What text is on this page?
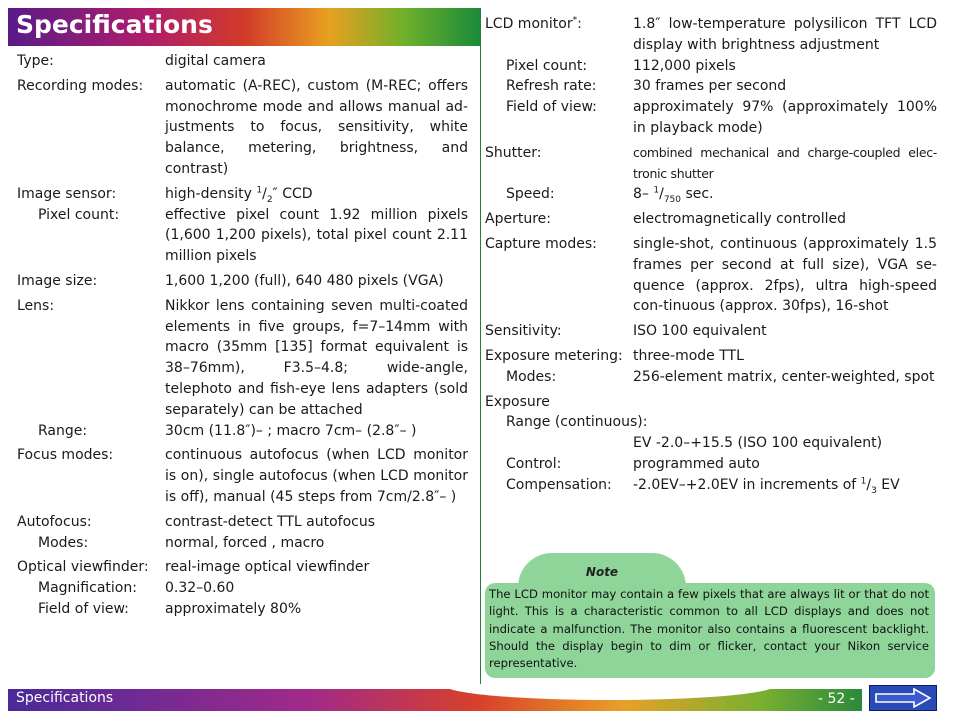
Specifications
Type:	digital camera
Recording modes:	automatic (A-REC), custom (M-REC; offers monochrome mode and allows manual ad-justments to focus, sensitivity, white balance, metering, brightness, and contrast)
Image sensor:	high-density $^1/_2''$ CCD
Pixel count:	effective pixel count 1.92 million pixels (1,600 1,200 pixels), total pixel count 2.11 million pixels
Image size:	1,600 1,200 (full), 640 480 pixels (VGA)
Lens:	Nikkor lens containing seven multi-coated elements in five groups, f=7–14mm with macro (35mm [135] format equivalent is 38–76mm), F3.5–4.8; wide-angle, telephoto and fish-eye lens adapters (sold separately) can be attached
Range:	30cm (11.8″)– ; macro 7cm– (2.8″– )
Focus modes:	continuous autofocus (when LCD monitor is on), single autofocus (when LCD monitor is off), manual (45 steps from 7cm/2.8″– )
Autofocus:	contrast-detect TTL autofocus
Modes:	normal, forced , macro
Optical viewfinder:	real-image optical viewfinder
Magnification:	0.32–0.60
Field of view:	approximately 80%
LCD monitor*:	1.8″ low-temperature polysilicon TFT LCD display with brightness adjustment
Pixel count:	112,000 pixels
Refresh rate:	30 frames per second
Field of view:	approximately 97% (approximately 100% in playback mode)
Shutter:	combined mechanical and charge-coupled elec-tronic shutter
Speed:	8– $^1/_{750}$ sec.
Aperture:	electromagnetically controlled
Capture modes:	single-shot, continuous (approximately 1.5 frames per second at full size), VGA se-quence (approx. 2fps), ultra high-speed con-tinuous (approx. 30fps), 16-shot
Sensitivity:	ISO 100 equivalent
Exposure metering: three-mode TTL
Modes:	256-element matrix, center-weighted, spot
Exposure
Range (continuous):
EV -2.0–+15.5 (ISO 100 equivalent)
Control:	programmed auto
Compensation:	-2.0EV–+2.0EV in increments of $^1/_3$ EV
Note
The LCD monitor may contain a few pixels that are always lit or that do not light. This is a characteristic common to all LCD displays and does not indicate a malfunction. The monitor also contains a fluorescent backlight. Should the display begin to dim or flicker, contact your Nikon service representative.
Specifications	- 52 -
